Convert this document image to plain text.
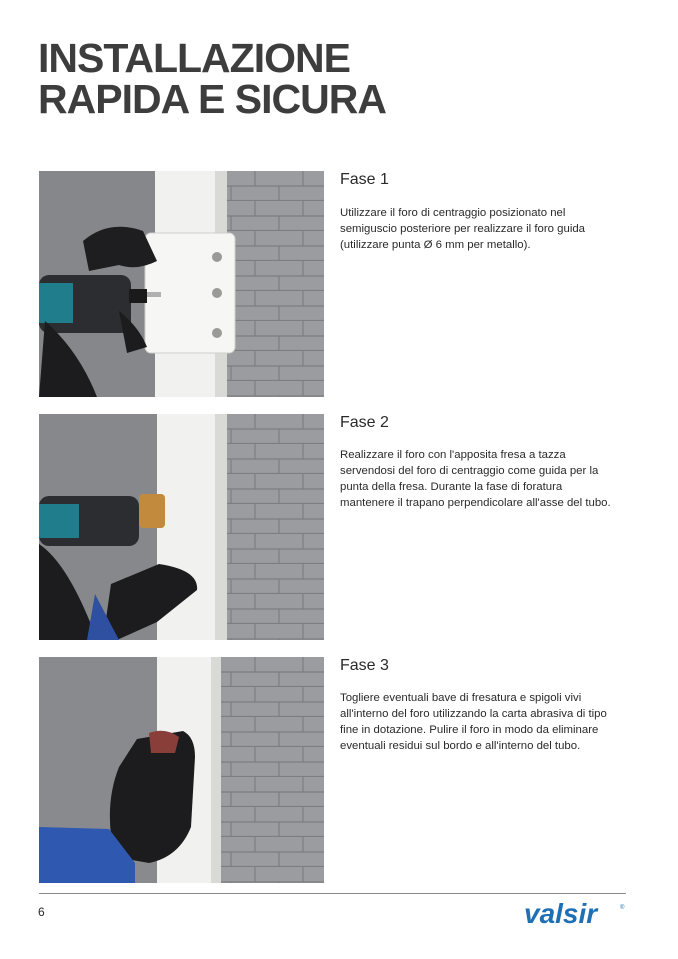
INSTALLAZIONE
RAPIDA E SICURA
Fase 1
Utilizzare il foro di centraggio posizionato nel semiguscio posteriore per realizzare il foro guida (utilizzare punta Ø 6 mm per metallo).
Fase 2
Realizzare il foro con l'apposita fresa a tazza servendosi del foro di centraggio come guida per la punta della fresa. Durante la fase di foratura mantenere il trapano perpendicolare all'asse del tubo.
Fase 3
Togliere eventuali bave di fresatura e spigoli vivi all'interno del foro utilizzando la carta abrasiva di tipo fine in dotazione. Pulire il foro in modo da eliminare eventuali residui sul bordo e all'interno del tubo.
6	valsir	®
